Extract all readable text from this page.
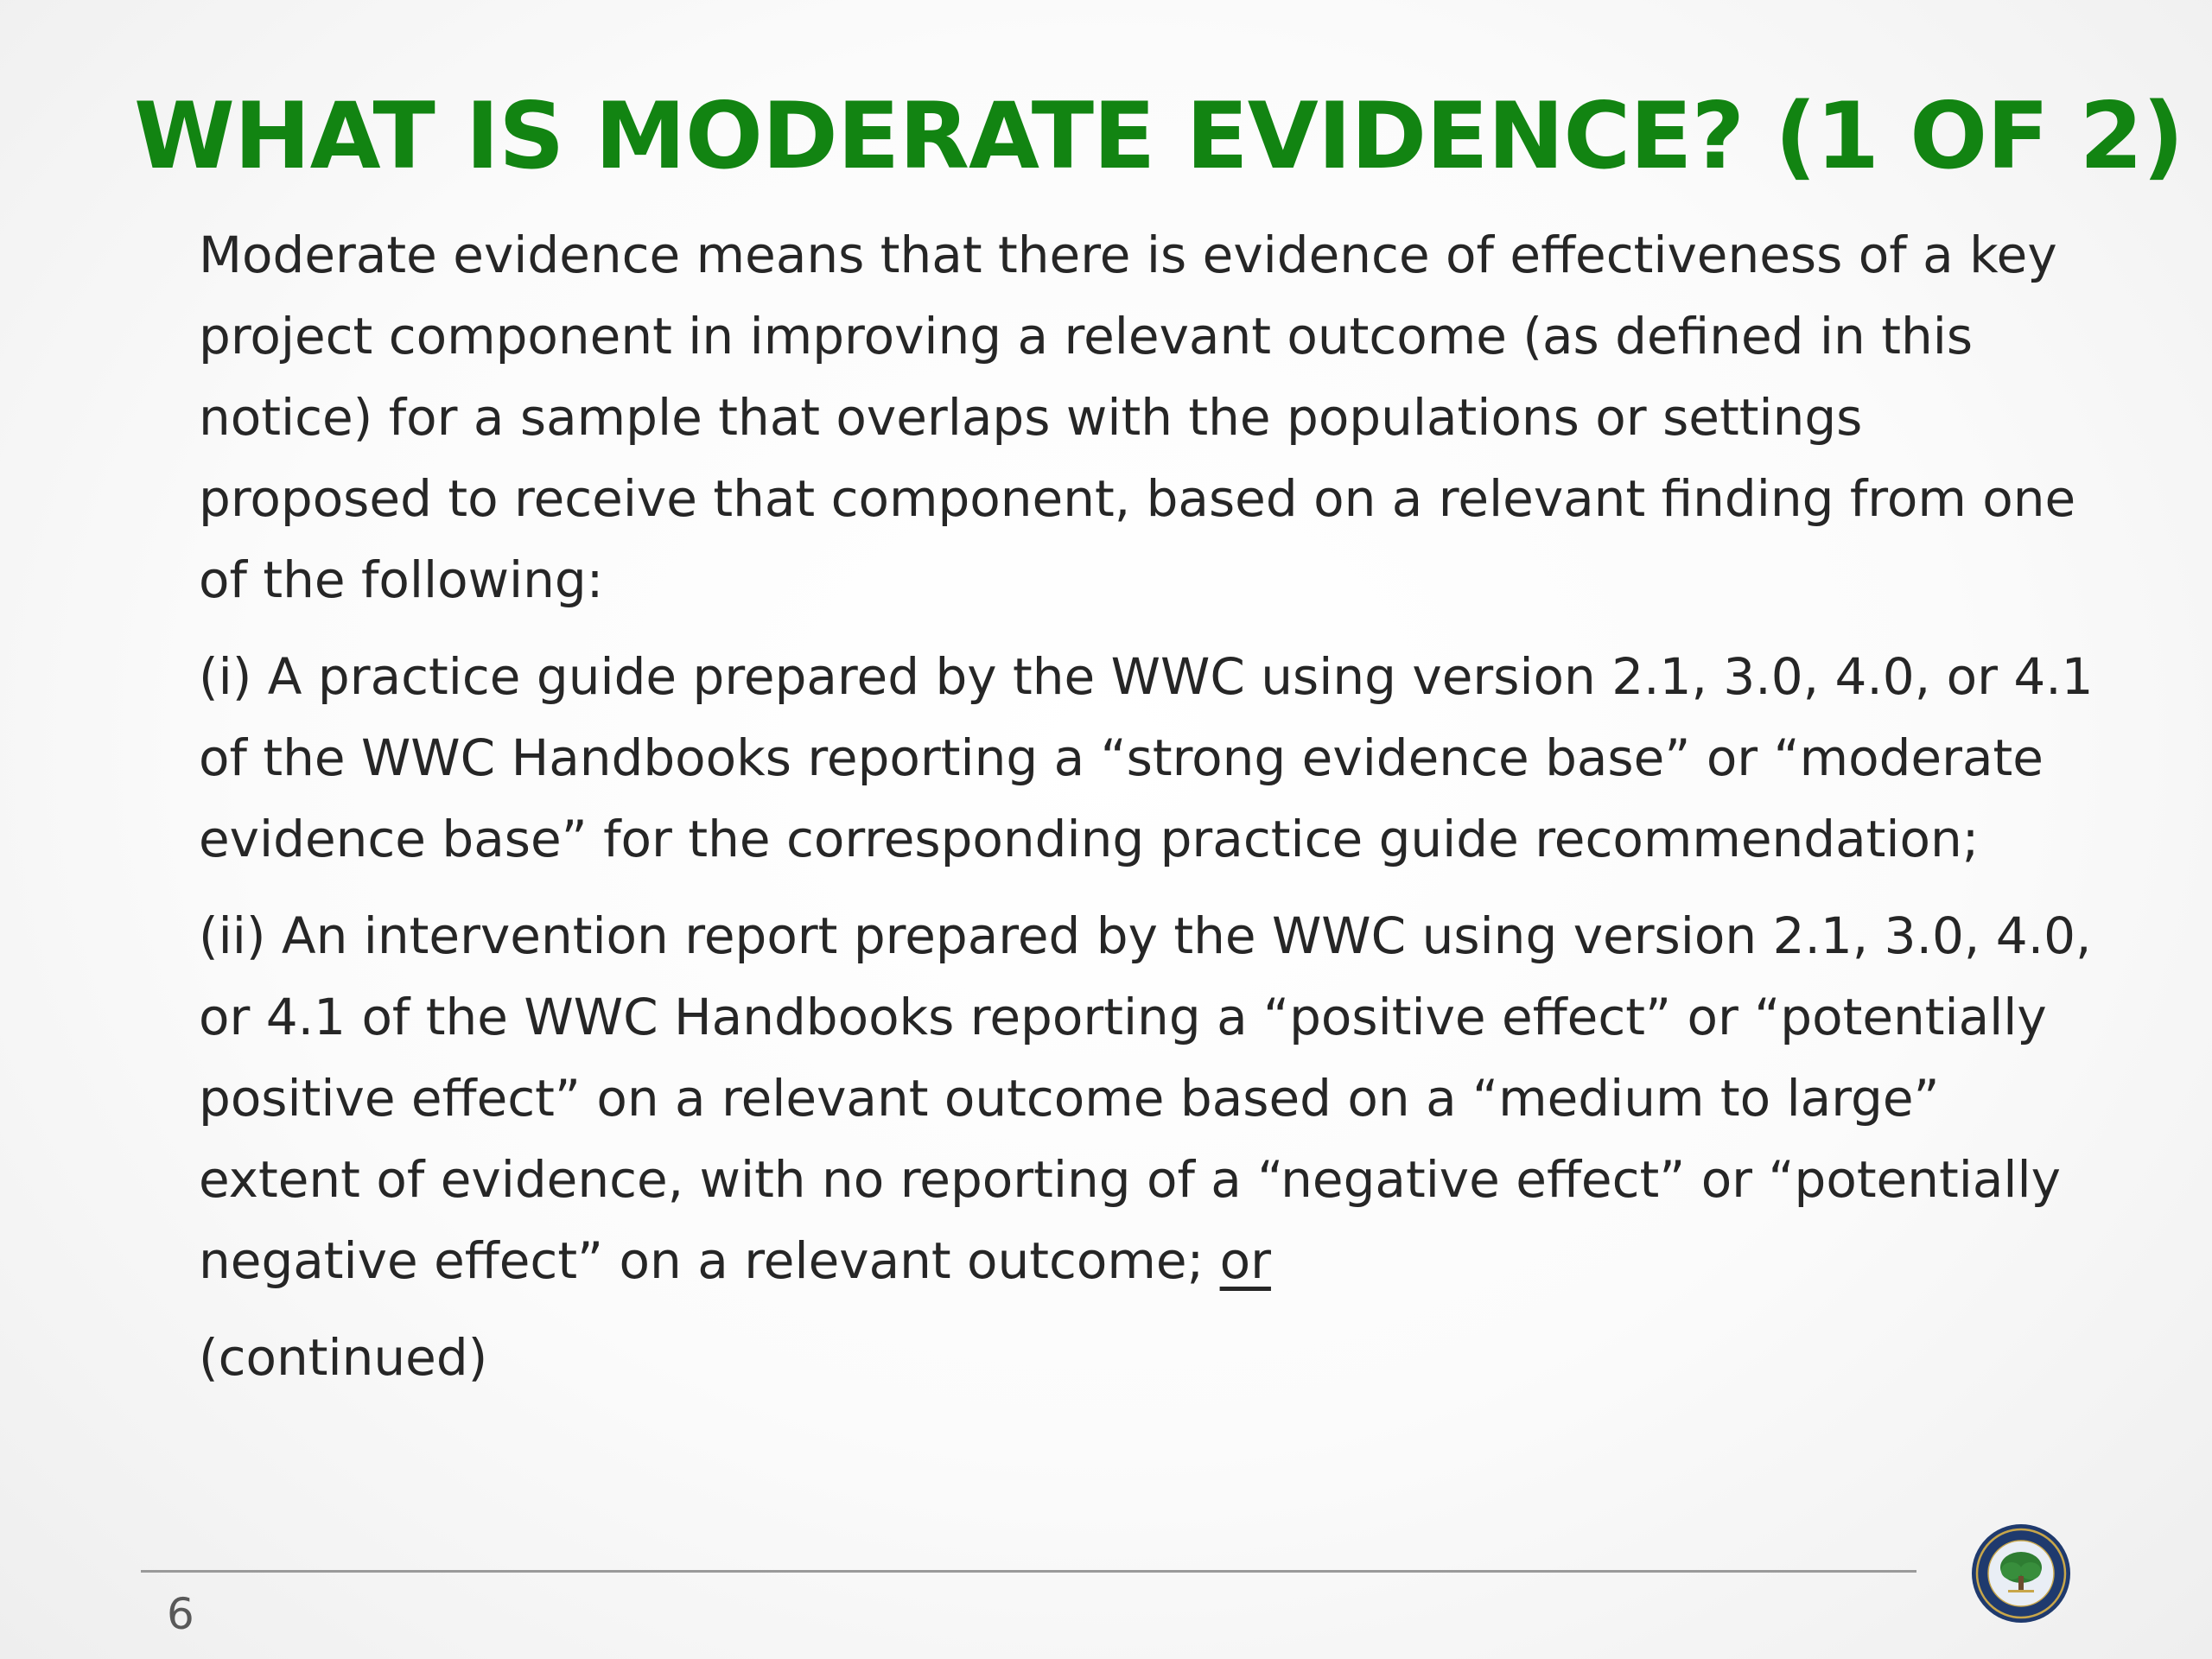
WHAT IS MODERATE EVIDENCE? (1 OF 2)

Moderate evidence means that there is evidence of effectiveness of a key project component in improving a relevant outcome (as defined in this notice) for a sample that overlaps with the populations or settings proposed to receive that component, based on a relevant finding from one of the following:

(i) A practice guide prepared by the WWC using version 2.1, 3.0, 4.0, or 4.1 of the WWC Handbooks reporting a “strong evidence base” or “moderate evidence base” for the corresponding practice guide recommendation;

(ii) An intervention report prepared by the WWC using version 2.1, 3.0, 4.0, or 4.1 of the WWC Handbooks reporting a “positive effect” or “potentially positive effect” on a relevant outcome based on a “medium to large” extent of evidence, with no reporting of a “negative effect” or “potentially negative effect” on a relevant outcome; or

(continued)

6
